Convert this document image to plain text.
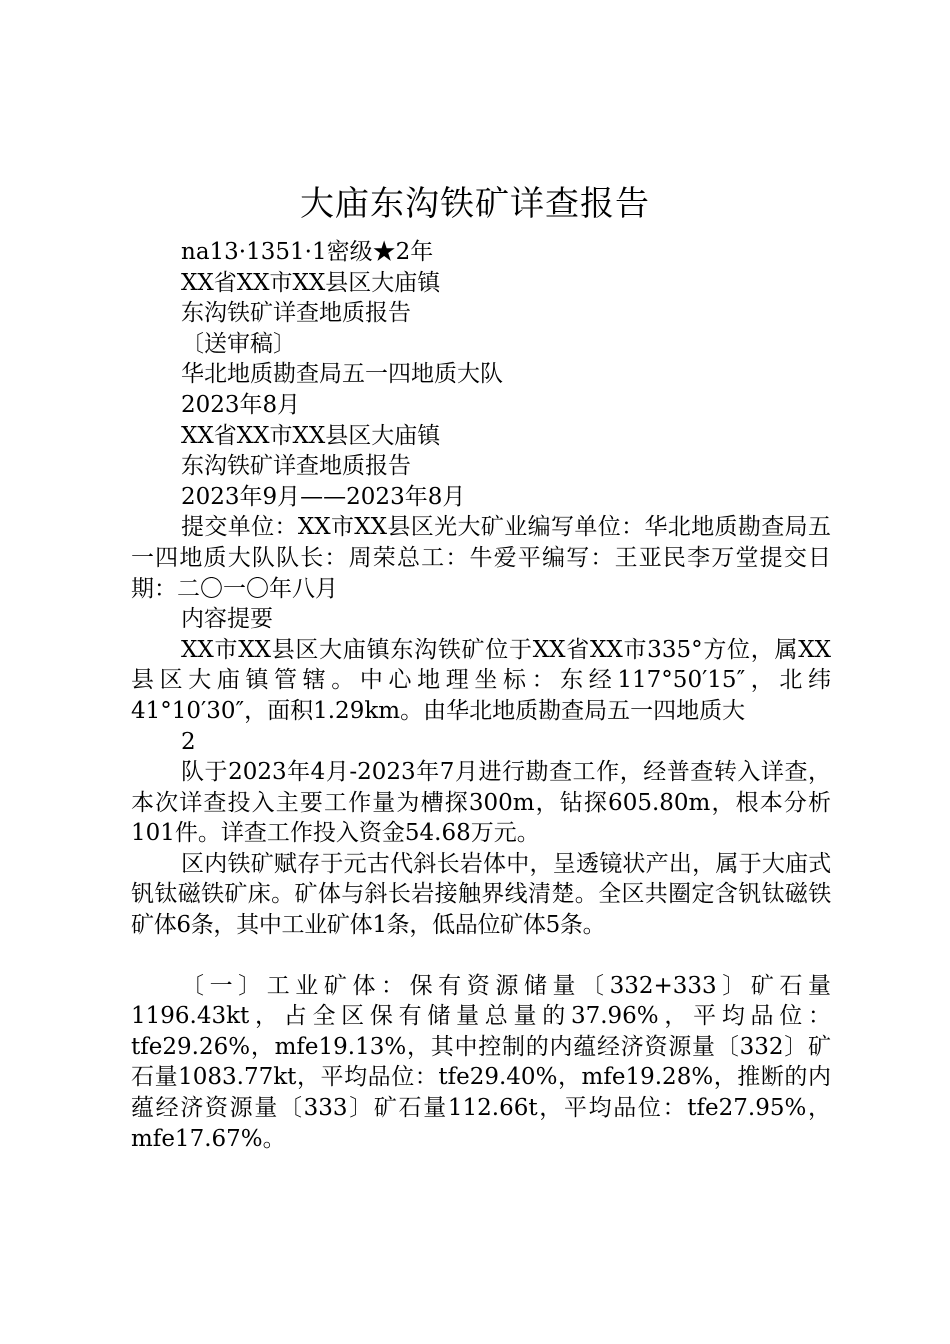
大庙东沟铁矿详查报告
na13·1351·1密级★2年
XX省XX市XX县区大庙镇
东沟铁矿详查地质报告
〔送审稿〕
华北地质勘查局五一四地质大队
2023年8月
XX省XX市XX县区大庙镇
东沟铁矿详查地质报告
2023年9月——2023年8月

提交单位：XX市XX县区光大矿业编写单位：华北地质勘查局五一四地质大队队长：周荣总工：牛爱平编写：王亚民李万堂提交日期：二〇一〇年八月

内容提要

XX市XX县区大庙镇东沟铁矿位于XX省XX市335°方位，属XX县区大庙镇管辖。中心地理坐标：东经117°50′15″，北纬41°10′30″，面积1.29km。由华北地质勘查局五一四地质大

2

队于2023年4月-2023年7月进行勘查工作，经普查转入详查，本次详查投入主要工作量为槽探300m，钻探605.80m，根本分析101件。详查工作投入资金54.68万元。

区内铁矿赋存于元古代斜长岩体中，呈透镜状产出，属于大庙式钒钛磁铁矿床。矿体与斜长岩接触界线清楚。全区共圈定含钒钛磁铁矿体6条，其中工业矿体1条，低品位矿体5条。

〔一〕工业矿体：保有资源储量〔332+333〕矿石量1196.43kt，占全区保有储量总量的37.96%，平均品位：tfe29.26%，mfe19.13%，其中控制的内蕴经济资源量〔332〕矿石量1083.77kt，平均品位：tfe29.40%，mfe19.28%，推断的内蕴经济资源量〔333〕矿石量112.66t，平均品位：tfe27.95%，mfe17.67%。
